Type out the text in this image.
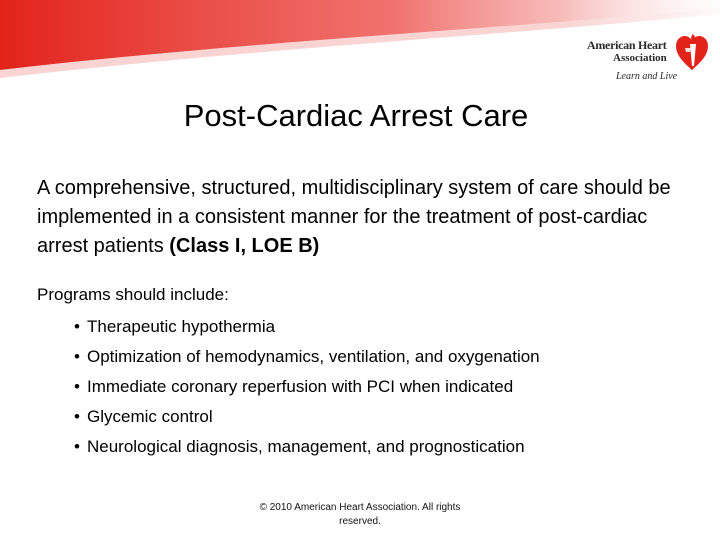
American Heart
Association
Learn and Live
Post-Cardiac Arrest Care
A comprehensive, structured, multidisciplinary system of care should be implemented in a consistent manner for the treatment of post-cardiac arrest patients (Class I, LOE B)
Programs should include:
• Therapeutic hypothermia
• Optimization of hemodynamics, ventilation, and oxygenation
• Immediate coronary reperfusion with PCI when indicated
• Glycemic control
• Neurological diagnosis, management, and prognostication
© 2010 American Heart Association. All rights reserved.
